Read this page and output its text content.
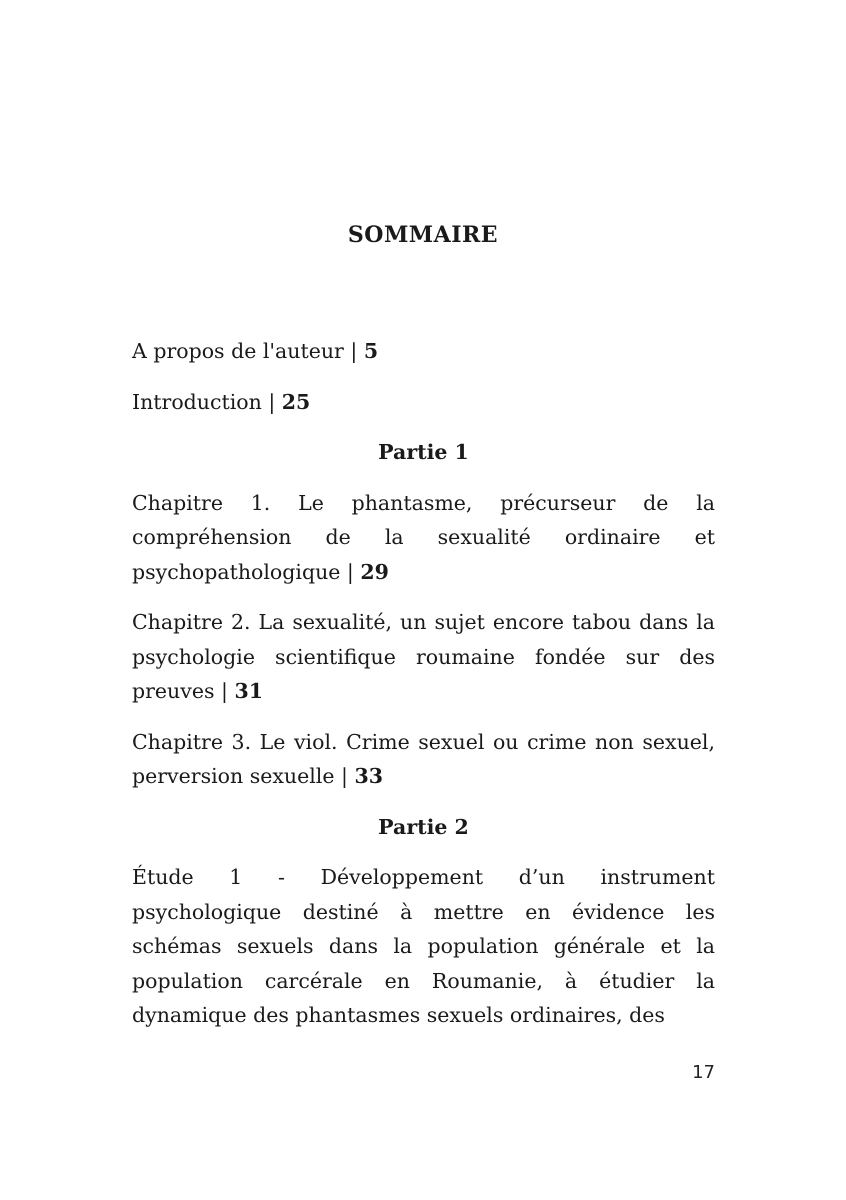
SOMMAIRE

A propos de l'auteur | 5

Introduction | 25

Partie 1

Chapitre 1. Le phantasme, précurseur de la compréhension de la sexualité ordinaire et psychopathologique | 29

Chapitre 2. La sexualité, un sujet encore tabou dans la psychologie scientifique roumaine fondée sur des preuves | 31

Chapitre 3. Le viol. Crime sexuel ou crime non sexuel, perversion sexuelle | 33

Partie 2

Étude 1 - Développement d’un instrument psychologique destiné à mettre en évidence les schémas sexuels dans la population générale et la population carcérale en Roumanie, à étudier la dynamique des phantasmes sexuels ordinaires, des

17
